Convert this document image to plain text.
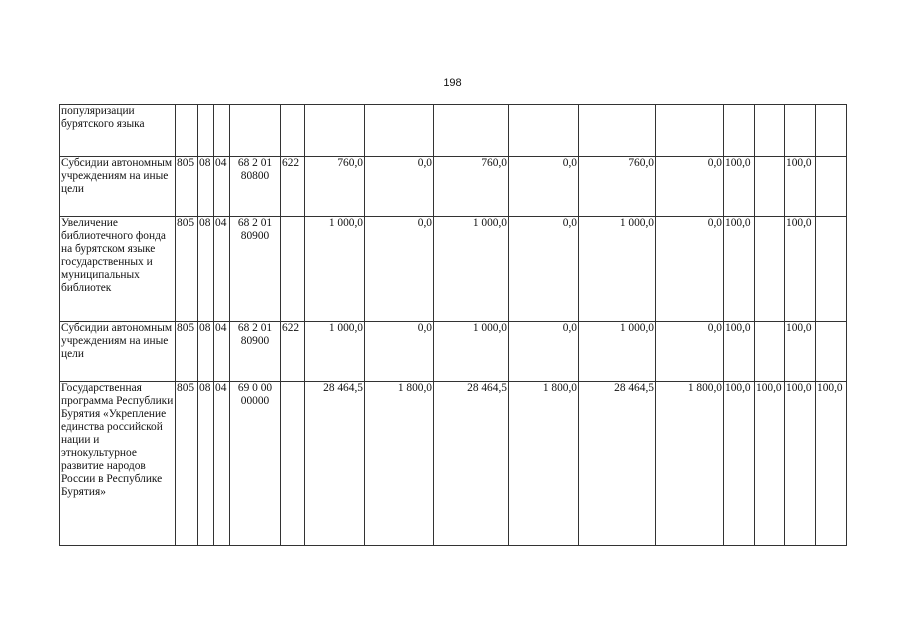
198
популяризации бурятского языка															
Субсидии автономным учреждениям на иные цели	805	08	04	68 2 01 80800	622	760,0	0,0	760,0	0,0	760,0	0,0	100,0		100,0	
Увеличение библиотечного фонда на бурятском языке государственных и муниципальных библиотек	805	08	04	68 2 01 80900		1 000,0	0,0	1 000,0	0,0	1 000,0	0,0	100,0		100,0	
Субсидии автономным учреждениям на иные цели	805	08	04	68 2 01 80900	622	1 000,0	0,0	1 000,0	0,0	1 000,0	0,0	100,0		100,0	
Государственная программа Республики Бурятия «Укрепление единства российской нации и этнокультурное развитие народов России в Республике Бурятия»	805	08	04	69 0 00 00000		28 464,5	1 800,0	28 464,5	1 800,0	28 464,5	1 800,0	100,0	100,0	100,0	100,0
